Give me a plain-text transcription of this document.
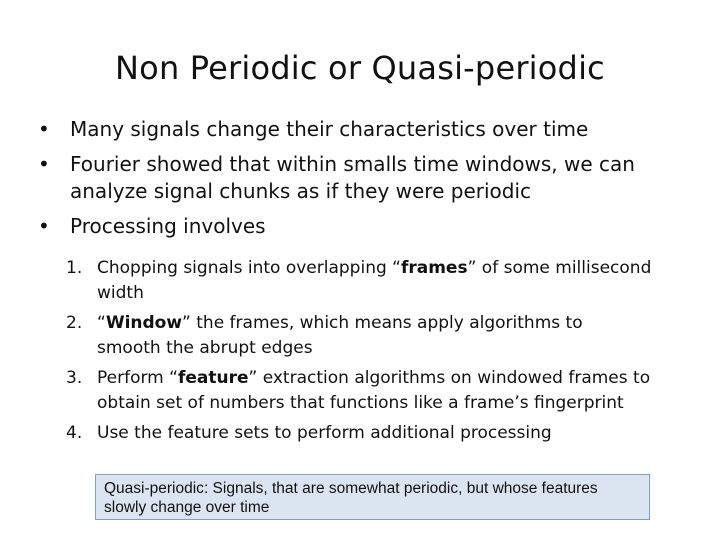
Non Periodic or Quasi-periodic
• Many signals change their characteristics over time
• Fourier showed that within smalls time windows, we can
analyze signal chunks as if they were periodic
• Processing involves
1. Chopping signals into overlapping “frames” of some millisecond
width
2. “Window” the frames, which means apply algorithms to
smooth the abrupt edges
3. Perform “feature” extraction algorithms on windowed frames to
obtain set of numbers that functions like a frame’s fingerprint
4. Use the feature sets to perform additional processing
Quasi-periodic: Signals, that are somewhat periodic, but whose features slowly change over time
